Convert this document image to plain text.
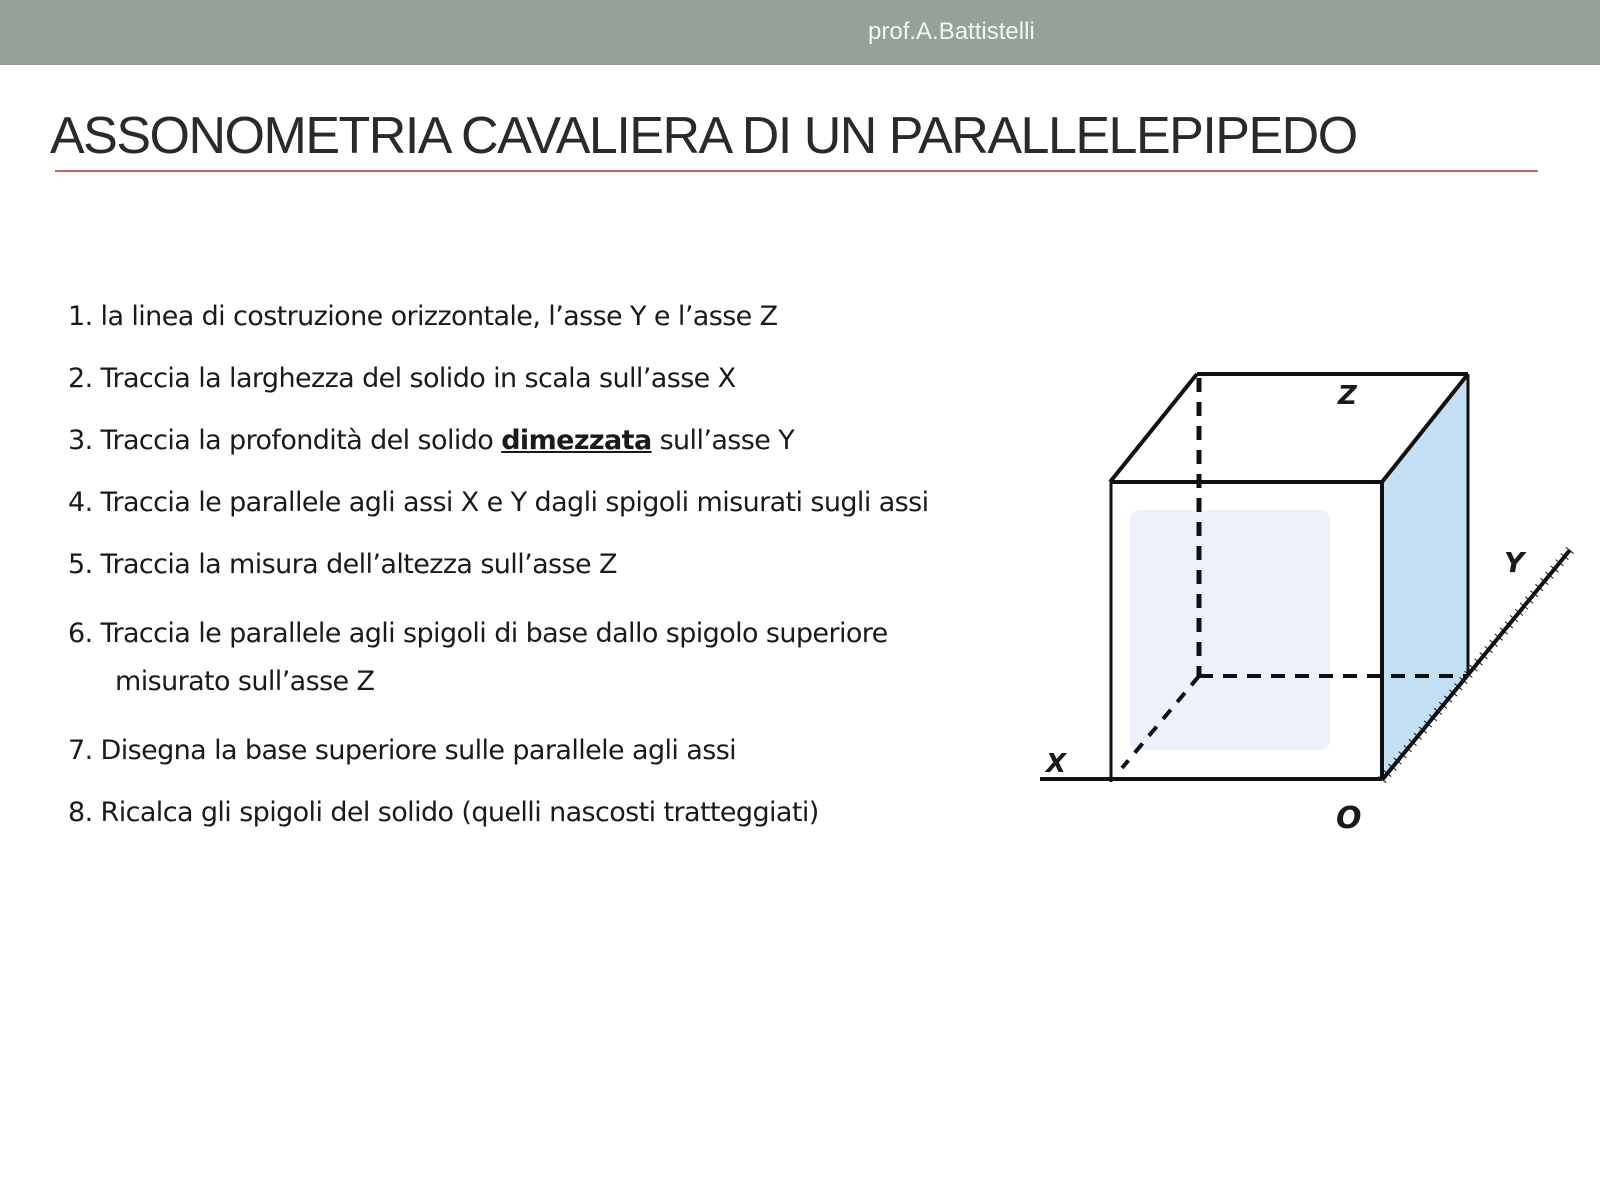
prof.A.Battistelli
ASSONOMETRIA CAVALIERA DI UN PARALLELEPIPEDO
1. la linea di costruzione orizzontale, l’asse Y e l’asse Z
2. Traccia la larghezza del solido in scala sull’asse X
3. Traccia la profondità del solido dimezzata sull’asse Y
4. Traccia le parallele agli assi X e Y dagli spigoli misurati sugli assi
5. Traccia la misura dell’altezza sull’asse Z
6. Traccia le parallele agli spigoli di base dallo spigolo superiore
misurato sull’asse Z
7. Disegna la base superiore sulle parallele agli assi
8. Ricalca gli spigoli del solido (quelli nascosti tratteggiati)
Z
Y
X
O
